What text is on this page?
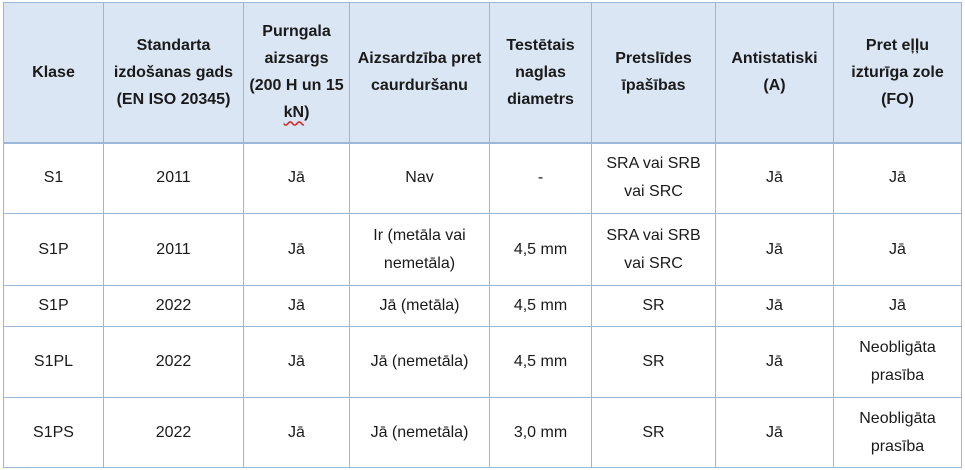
Klase	Standarta izdošanas gads (EN ISO 20345)	Purngala aizsargs (200 H un 15 kN)	Aizsardzība pret caurduršanu	Testētais naglas diametrs	Pretslīdes īpašības	Antistatiski (A)	Pret eļļu izturīga zole (FO)
S1	2011	Jā	Nav	-	SRA vai SRB vai SRC	Jā	Jā
S1P	2011	Jā	Ir (metāla vai nemetāla)	4,5 mm	SRA vai SRB vai SRC	Jā	Jā
S1P	2022	Jā	Jā (metāla)	4,5 mm	SR	Jā	Jā
S1PL	2022	Jā	Jā (nemetāla)	4,5 mm	SR	Jā	Neobligāta prasība
S1PS	2022	Jā	Jā (nemetāla)	3,0 mm	SR	Jā	Neobligāta prasība
